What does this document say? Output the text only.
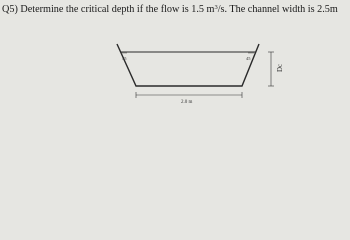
Q5) Determine the critical depth if the flow is 1.5 $m^3/s$. The channel width is 2.5m
45	45
2.0 m
Dc
